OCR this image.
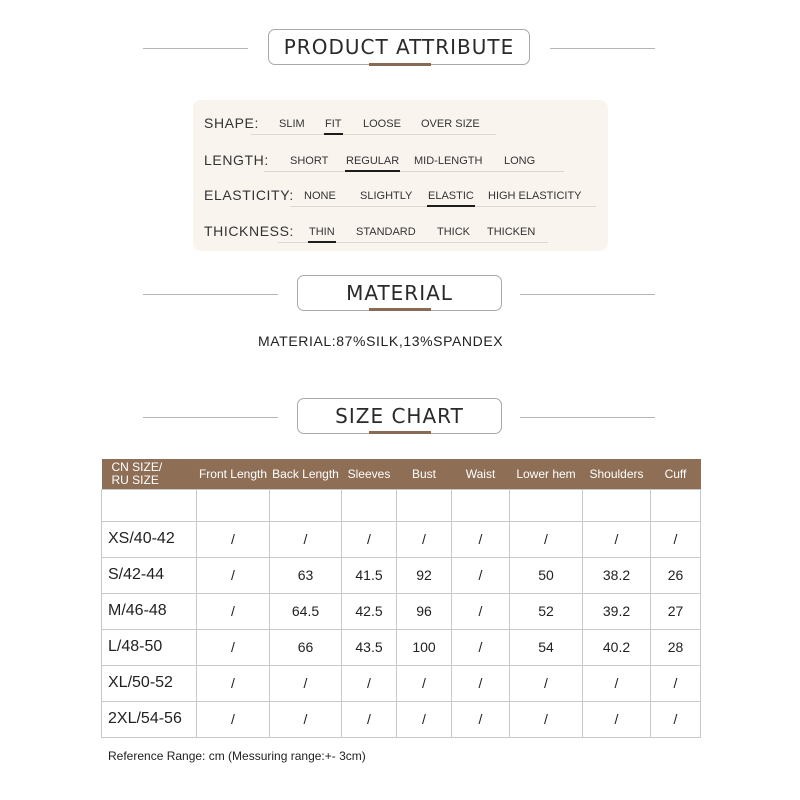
PRODUCT ATTRIBUTE
SHAPE: SLIM FIT LOOSE OVER SIZE
LENGTH: SHORT REGULAR MID-LENGTH LONG
ELASTICITY: NONE SLIGHTLY ELASTIC HIGH ELASTICITY
THICKNESS: THIN STANDARD THICK THICKEN
MATERIAL
MATERIAL:87%SILK,13%SPANDEX
SIZE CHART
CN SIZE/
RU SIZE	Front Length	Back Length	Sleeves	Bust	Waist	Lower hem	Shoulders	Cuff

XS/40-42	/	/	/	/	/	/	/	/
S/42-44	/	63	41.5	92	/	50	38.2	26
M/46-48	/	64.5	42.5	96	/	52	39.2	27
L/48-50	/	66	43.5	100	/	54	40.2	28
XL/50-52	/	/	/	/	/	/	/	/
2XL/54-56	/	/	/	/	/	/	/	/
Reference Range: cm (Messuring range:+- 3cm)
